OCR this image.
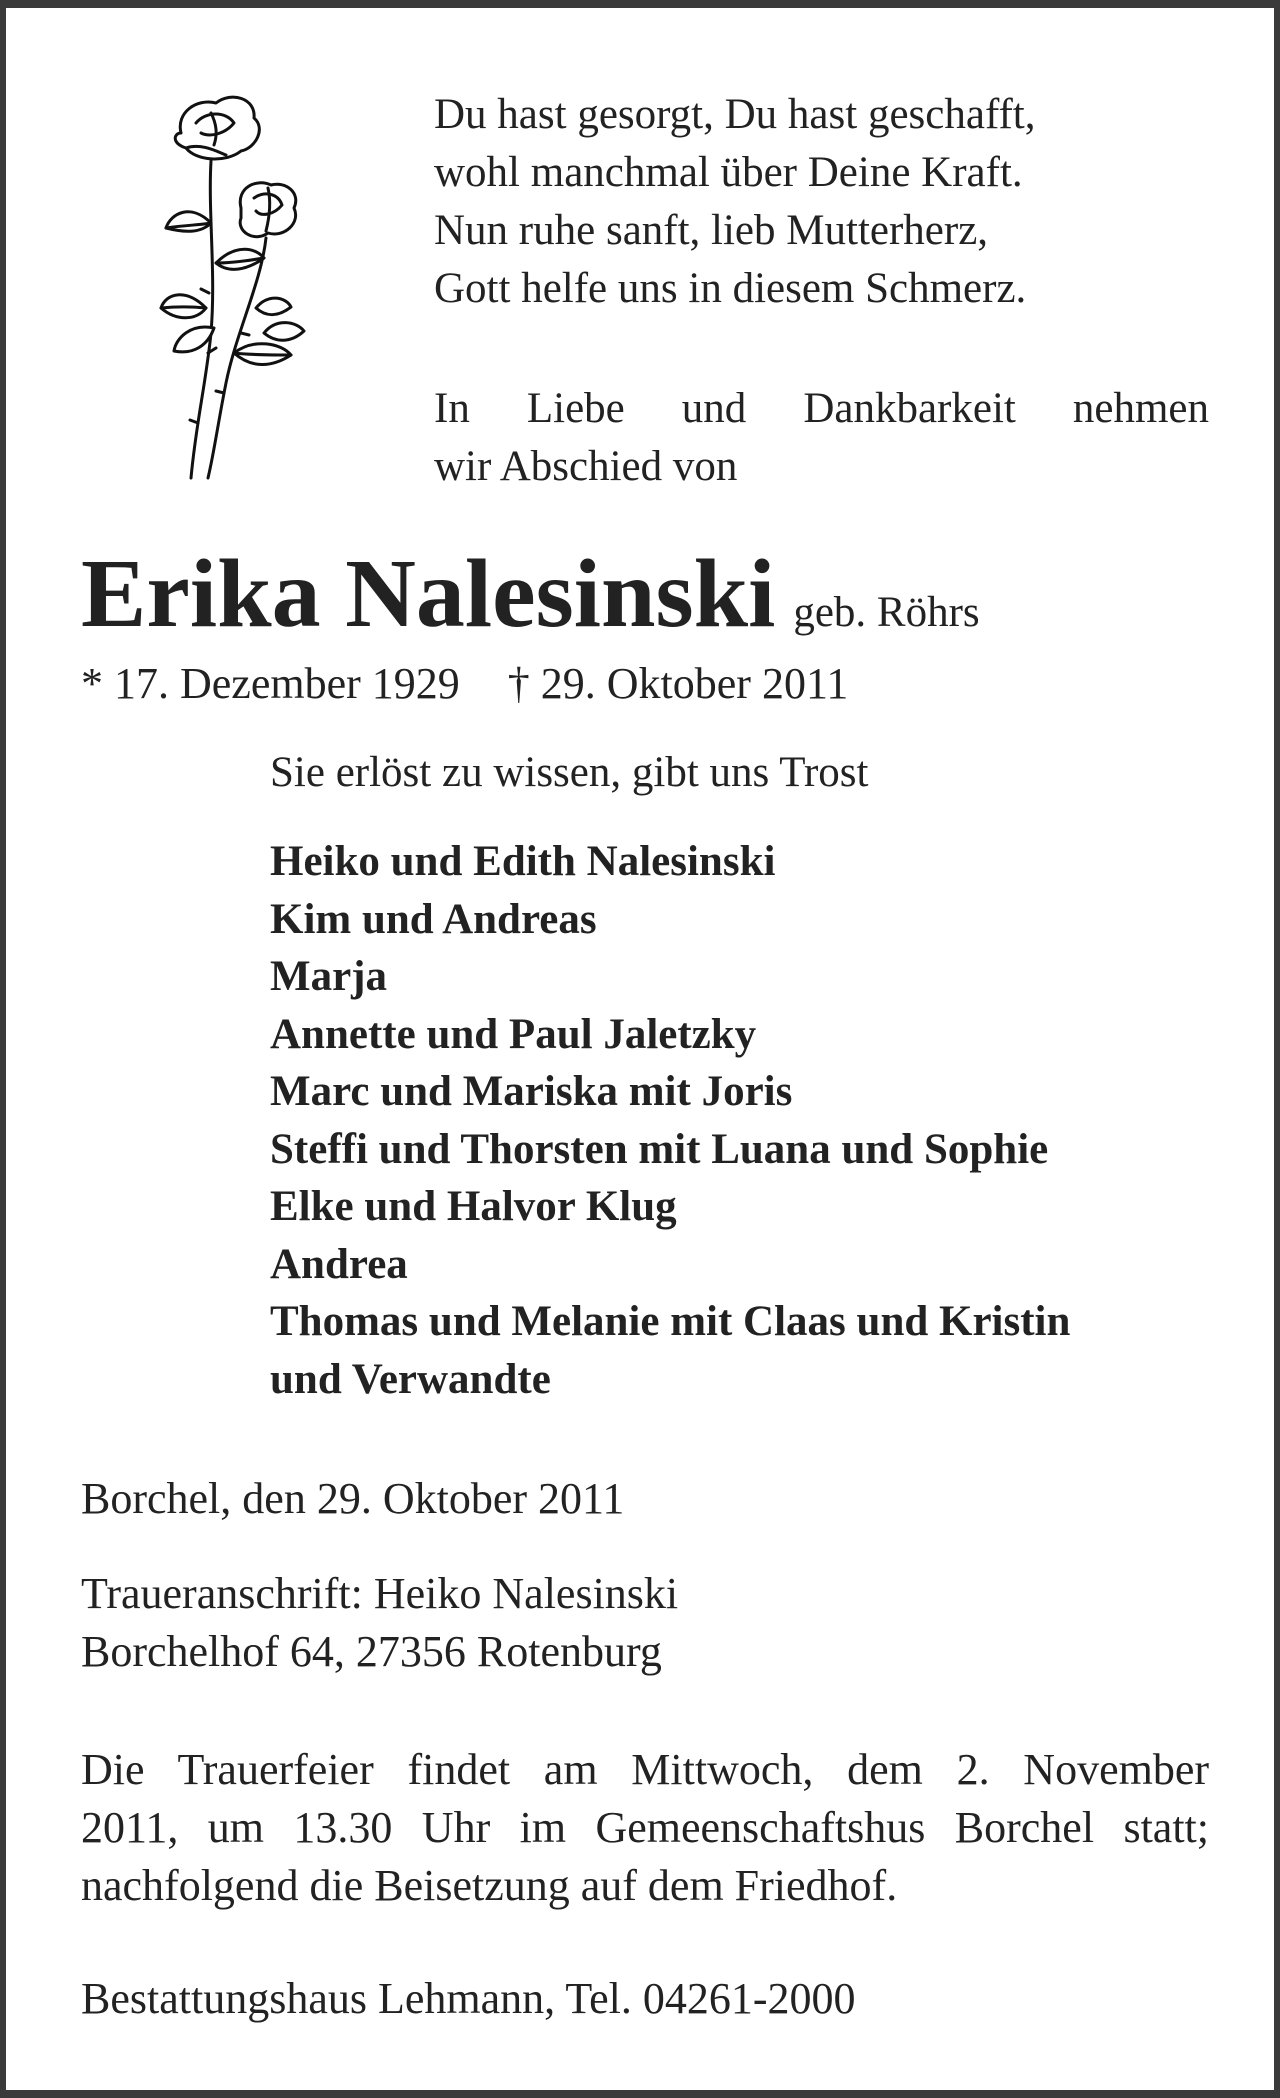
Du hast gesorgt, Du hast geschafft,
wohl manchmal über Deine Kraft.
Nun ruhe sanft, lieb Mutterherz,
Gott helfe uns in diesem Schmerz.
In Liebe und Dankbarkeit nehmen
wir Abschied von
Erika Nalesinski geb. Röhrs
* 17. Dezember 1929 † 29. Oktober 2011
Sie erlöst zu wissen, gibt uns Trost
Heiko und Edith Nalesinski
Kim und Andreas
Marja
Annette und Paul Jaletzky
Marc und Mariska mit Joris
Steffi und Thorsten mit Luana und Sophie
Elke und Halvor Klug
Andrea
Thomas und Melanie mit Claas und Kristin
und Verwandte
Borchel, den 29. Oktober 2011
Traueranschrift: Heiko Nalesinski
Borchelhof 64, 27356 Rotenburg
Die Trauerfeier findet am Mittwoch, dem 2. November
2011, um 13.30 Uhr im Gemeenschaftshus Borchel statt;
nachfolgend die Beisetzung auf dem Friedhof.
Bestattungshaus Lehmann, Tel. 04261-2000
